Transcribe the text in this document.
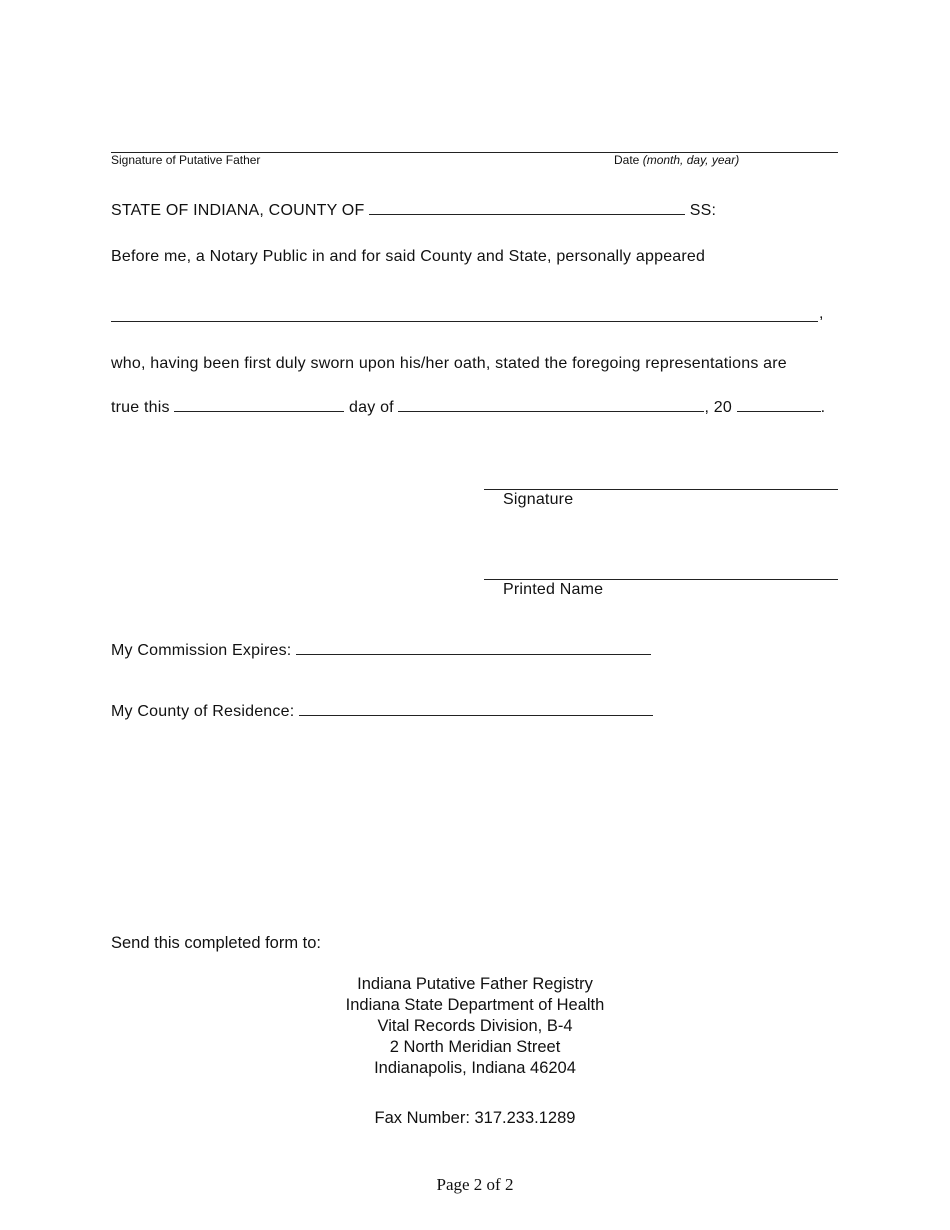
Signature of Putative Father	Date (month, day, year)
STATE OF INDIANA, COUNTY OF	SS:
Before me, a Notary Public in and for said County and State, personally appeared
,
who, having been first duly sworn upon his/her oath, stated the foregoing representations are
true this	day of	, 20	.
Signature
Printed Name
My Commission Expires:
My County of Residence:
Send this completed form to:
Indiana Putative Father Registry
Indiana State Department of Health
Vital Records Division, B-4
2 North Meridian Street
Indianapolis, Indiana 46204
Fax Number: 317.233.1289
Page 2 of 2
